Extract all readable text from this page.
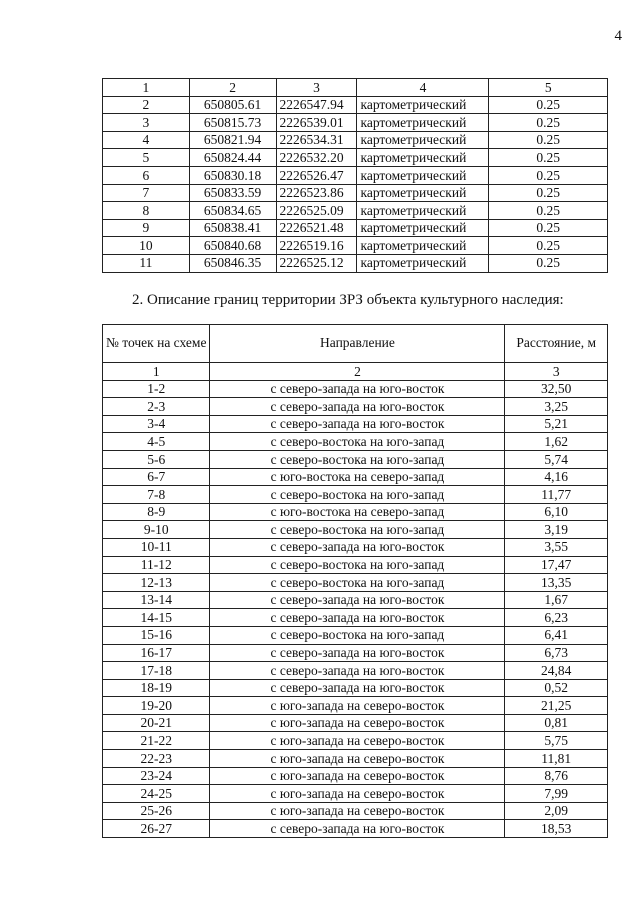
4
1	2	3	4	5
2	650805.61	2226547.94	картометрический	0.25
3	650815.73	2226539.01	картометрический	0.25
4	650821.94	2226534.31	картометрический	0.25
5	650824.44	2226532.20	картометрический	0.25
6	650830.18	2226526.47	картометрический	0.25
7	650833.59	2226523.86	картометрический	0.25
8	650834.65	2226525.09	картометрический	0.25
9	650838.41	2226521.48	картометрический	0.25
10	650840.68	2226519.16	картометрический	0.25
11	650846.35	2226525.12	картометрический	0.25
2. Описание границ территории ЗРЗ объекта культурного наследия:
№ точек на схеме	Направление	Расстояние, м
1	2	3
1-2	с северо-запада на юго-восток	32,50
2-3	с северо-запада на юго-восток	3,25
3-4	с северо-запада на юго-восток	5,21
4-5	с северо-востока на юго-запад	1,62
5-6	с северо-востока на юго-запад	5,74
6-7	с юго-востока на северо-запад	4,16
7-8	с северо-востока на юго-запад	11,77
8-9	с юго-востока на северо-запад	6,10
9-10	с северо-востока на юго-запад	3,19
10-11	с северо-запада на юго-восток	3,55
11-12	с северо-востока на юго-запад	17,47
12-13	с северо-востока на юго-запад	13,35
13-14	с северо-запада на юго-восток	1,67
14-15	с северо-запада на юго-восток	6,23
15-16	с северо-востока на юго-запад	6,41
16-17	с северо-запада на юго-восток	6,73
17-18	с северо-запада на юго-восток	24,84
18-19	с северо-запада на юго-восток	0,52
19-20	с юго-запада на северо-восток	21,25
20-21	с юго-запада на северо-восток	0,81
21-22	с юго-запада на северо-восток	5,75
22-23	с юго-запада на северо-восток	11,81
23-24	с юго-запада на северо-восток	8,76
24-25	с юго-запада на северо-восток	7,99
25-26	с юго-запада на северо-восток	2,09
26-27	с северо-запада на юго-восток	18,53
